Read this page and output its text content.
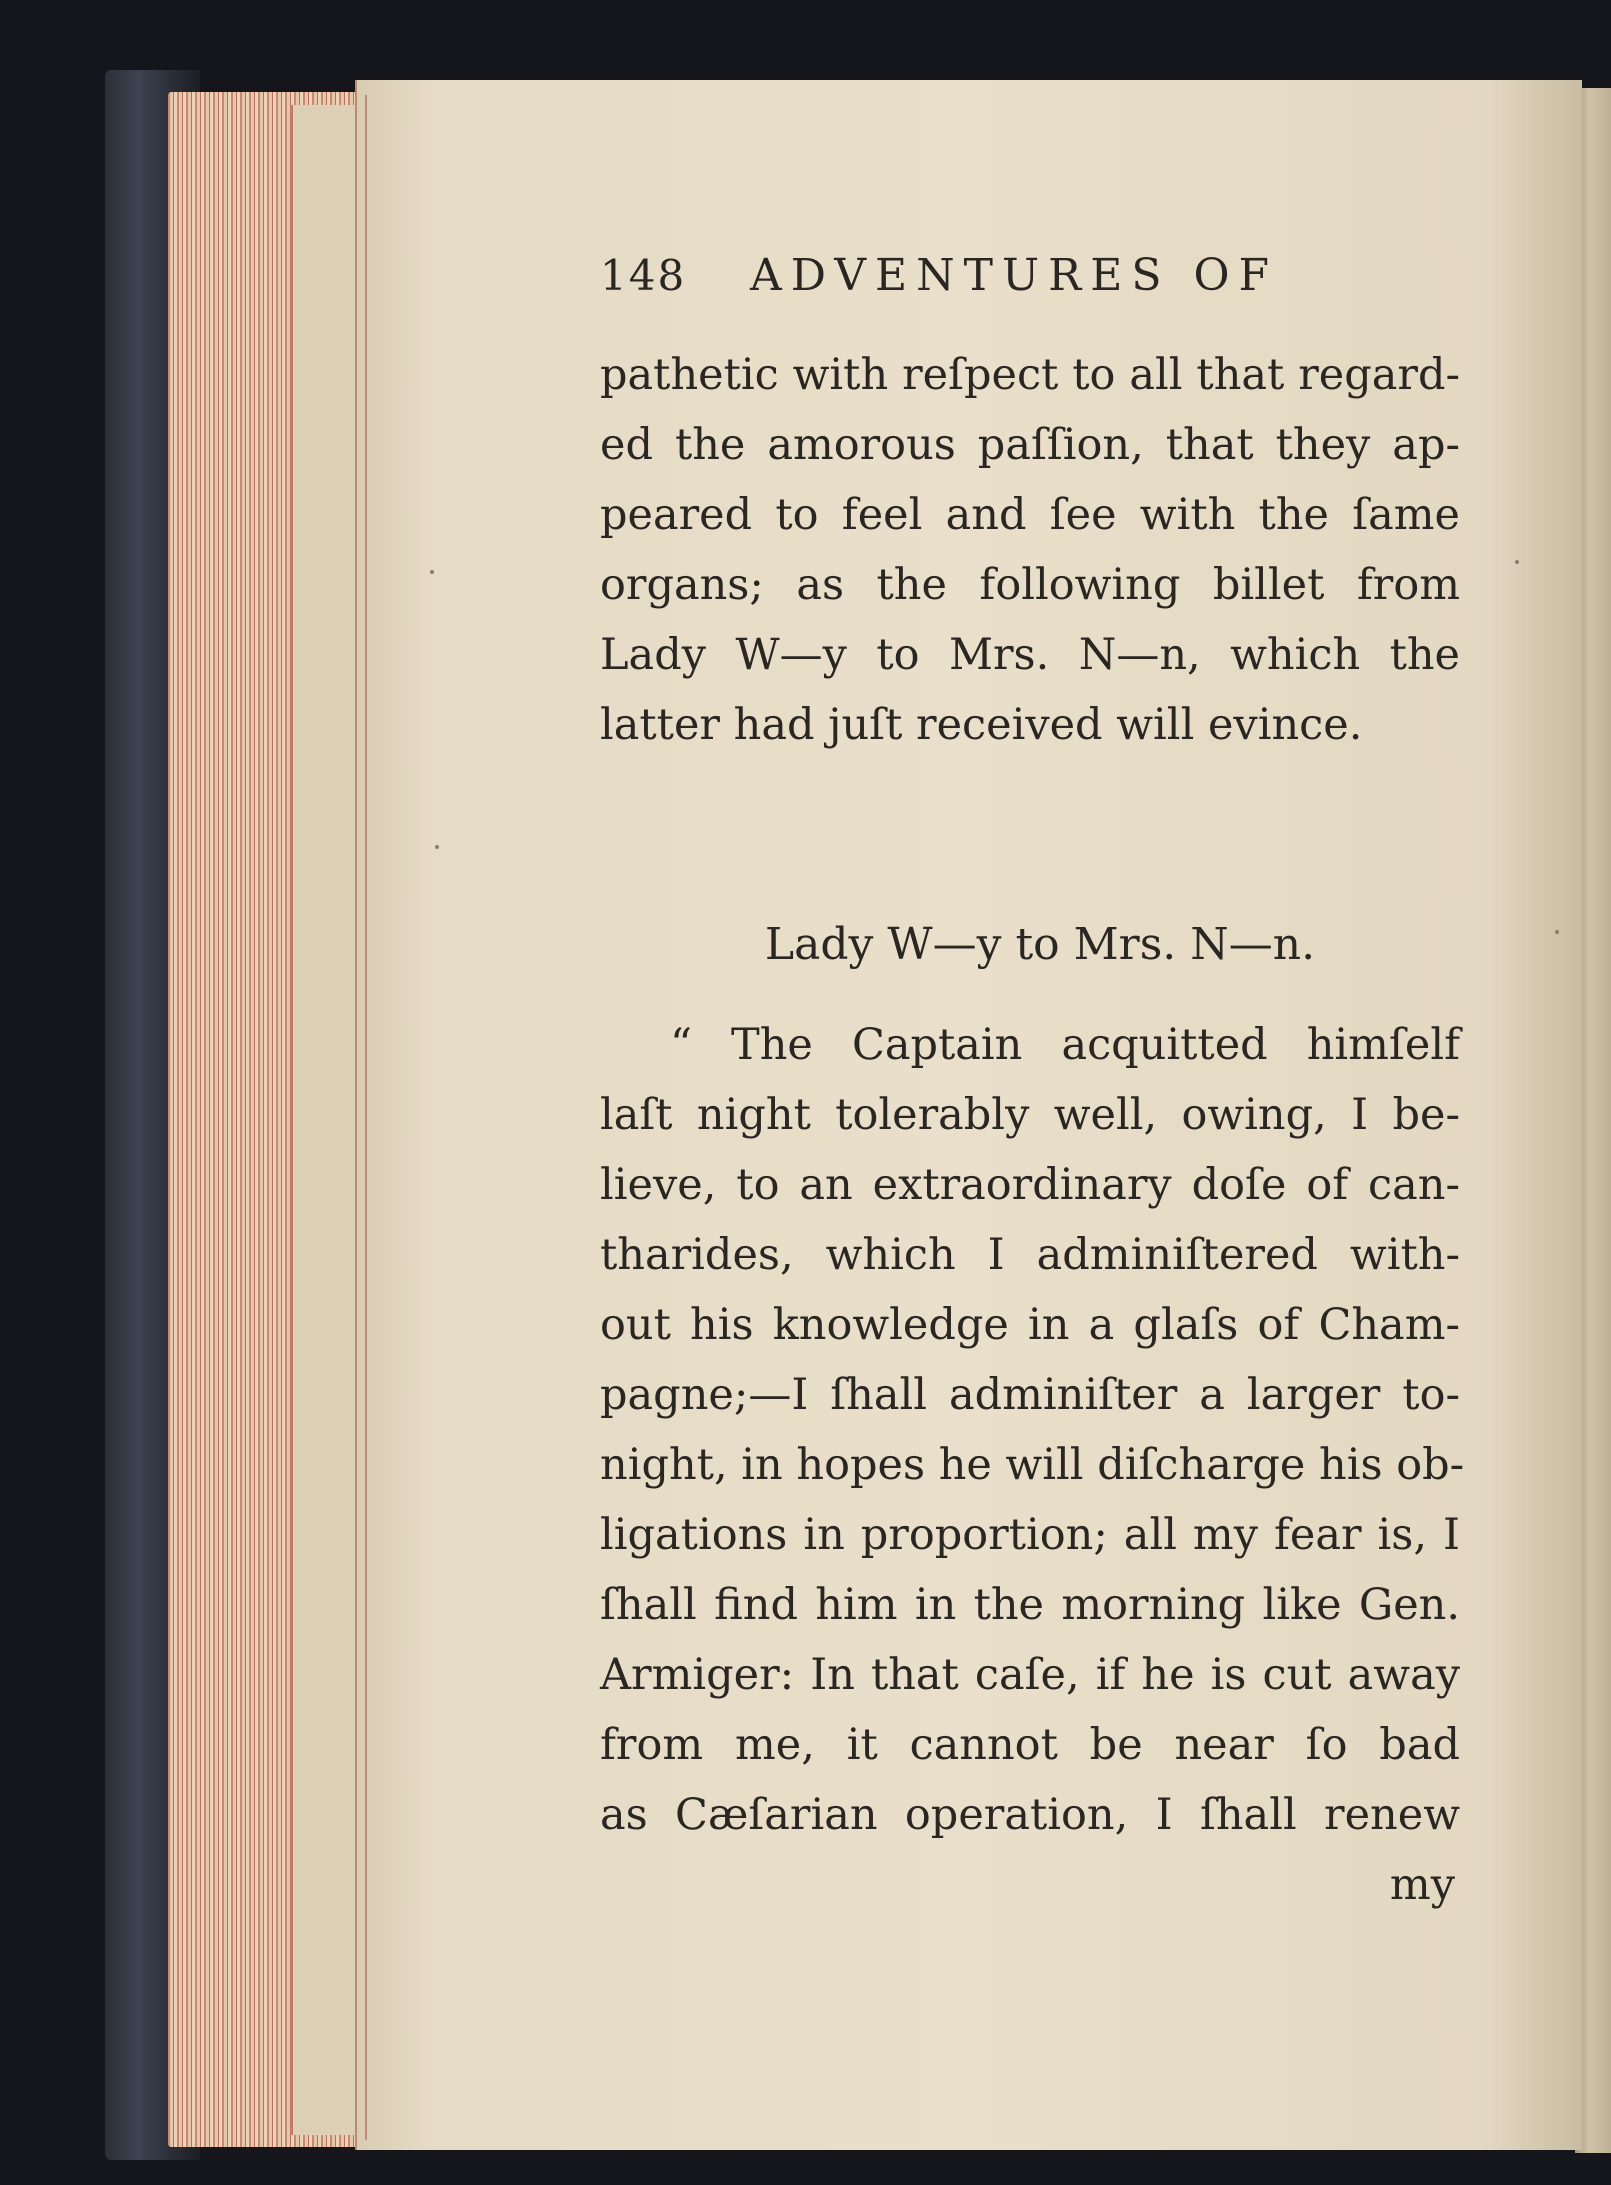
148	ADVENTURES OF
pathetic with reſpect to all that regard-
ed the amorous paſſion, that they ap-
peared to feel and ſee with the ſame
organs; as the following billet from
Lady W—y to Mrs. N—n, which the
latter had juſt received will evince.
Lady W—y to Mrs. N—n.
“ The Captain acquitted himſelf
laſt night tolerably well, owing, I be-
lieve, to an extraordinary doſe of can-
tharides, which I adminiſtered with-
out his knowledge in a glaſs of Cham-
pagne;—I ſhall adminiſter a larger to-
night, in hopes he will diſcharge his ob-
ligations in proportion; all my fear is, I
ſhall find him in the morning like Gen.
Armiger: In that caſe, if he is cut away
from me, it cannot be near ſo bad
as Cæſarian operation, I ſhall renew
my
